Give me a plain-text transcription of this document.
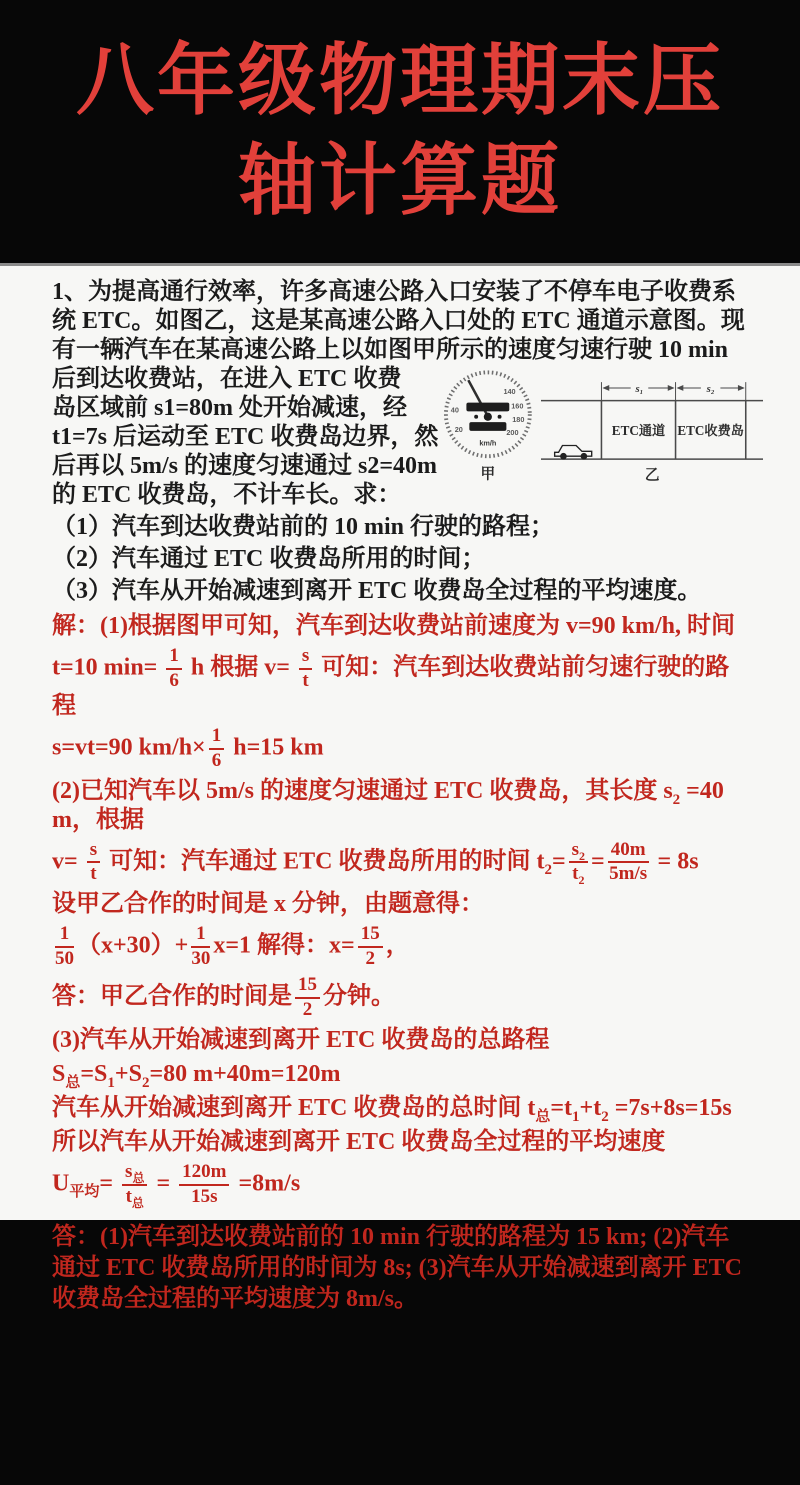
八年级物理期末压
轴计算题

1、为提高通行效率，许多高速公路入口安装了不停车电子收费系统 ETC。如图乙，这是某高速公路入口处的 ETC 通道示意图。现有一辆汽车在某高速公路上以如图甲所示的速度匀速行驶 10 min 后到达收费站，在进入 ETC 收费

岛区域前 s1=80m 处开始减速，经 t1=7s 后运动至 ETC 收费岛边界，然后再以 5m/s 的速度匀速通过 s2=40m 的 ETC 收费岛，不计车长。求：

40
20
140
160
180
200
km/h
甲
s₁	s₂
ETC通道 ETC收费岛
乙
（1）汽车到达收费站前的 10 min 行驶的路程；
（2）汽车通过 ETC 收费岛所用的时间；
（3）汽车从开始减速到离开 ETC 收费岛全过程的平均速度。
解：(1)根据图甲可知，汽车到达收费站前速度为 v=90 km/h, 时间
t=10 $\min= \frac{1}{6}$ h 根据 $v= \frac{s}{t}$ 可知：汽车到达收费站前匀速行驶的路程
s=vt=90 $km/h\times \frac{1}{6} h=15$ km
(2)已知汽车以 5m/s 的速度匀速通过 ETC 收费岛，其长度 $s_2 =40$ m，根据
$v= \frac{s}{t}$ 可知：汽车通过 ETC 收费岛所用的时间 $t_2= \frac{s_2}{t_2} = \frac{40m}{5m/s} = 8s$
设甲乙合作的时间是 x 分钟，由题意得：
$\frac{1}{50} (x+30)+ \frac{1}{30} x=1$ 解得：$x= \frac{15}{2}$ ，
答：甲乙合作的时间是 $\frac{15}{2}$ 分钟。
(3)汽车从开始减速到离开 ETC 收费岛的总路程
$S_总=S_1+S_2=80$ m+40m=120m
汽车从开始减速到离开 ETC 收费岛的总时间 $t_总=t_1+t_2 =7s+8s=15s$
所以汽车从开始减速到离开 ETC 收费岛全过程的平均速度
$U_{平均}= \frac{s_总}{t_总} = \frac{120m}{15s} =8m/s$

答：(1)汽车到达收费站前的 10 min 行驶的路程为 15 km; (2)汽车通过 ETC 收费岛所用的时间为 8s; (3)汽车从开始减速到离开 ETC 收费岛全过程的平均速度为 8m/s。
